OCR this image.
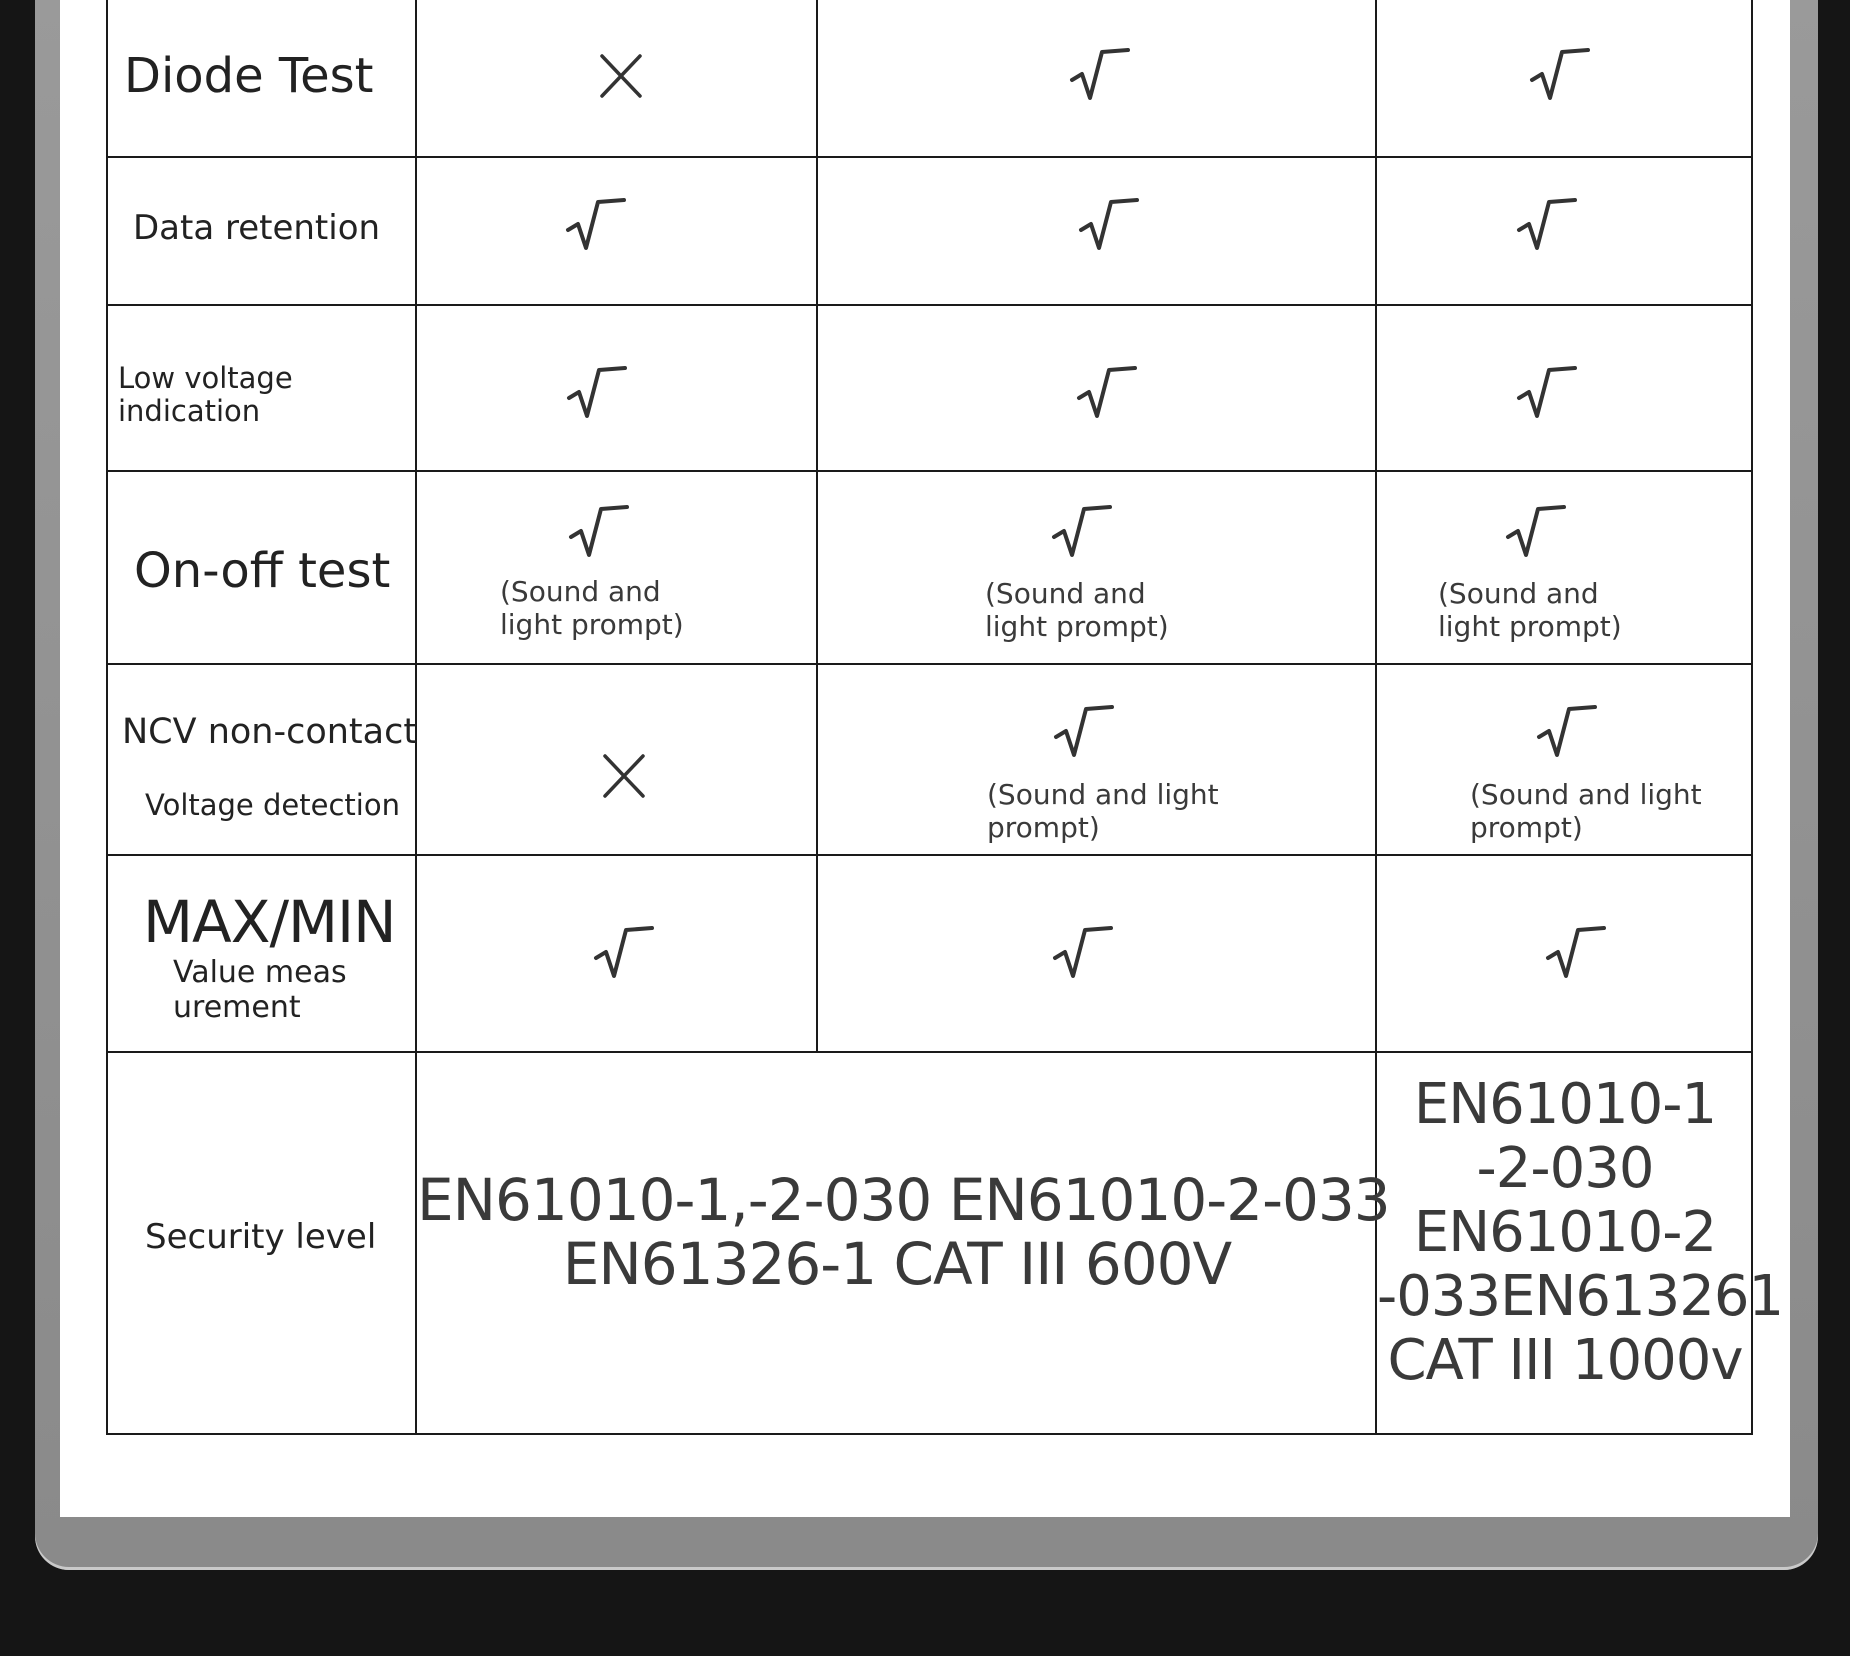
Diode Test
Data retention
Low voltage
indication
On-off test	(Sound and
light prompt)
(Sound and
light prompt)
(Sound and
light prompt)
NCV non-contact
Voltage detection	(Sound and light
prompt)
(Sound and light
prompt)
MAX/MIN
Value meas
urement
Security level
EN61010-1,-2-030 EN61010-2-033
EN61326-1 CAT III 600V
EN61010-1
-2-030
EN61010-2
-033EN613261
CAT III 1000v
